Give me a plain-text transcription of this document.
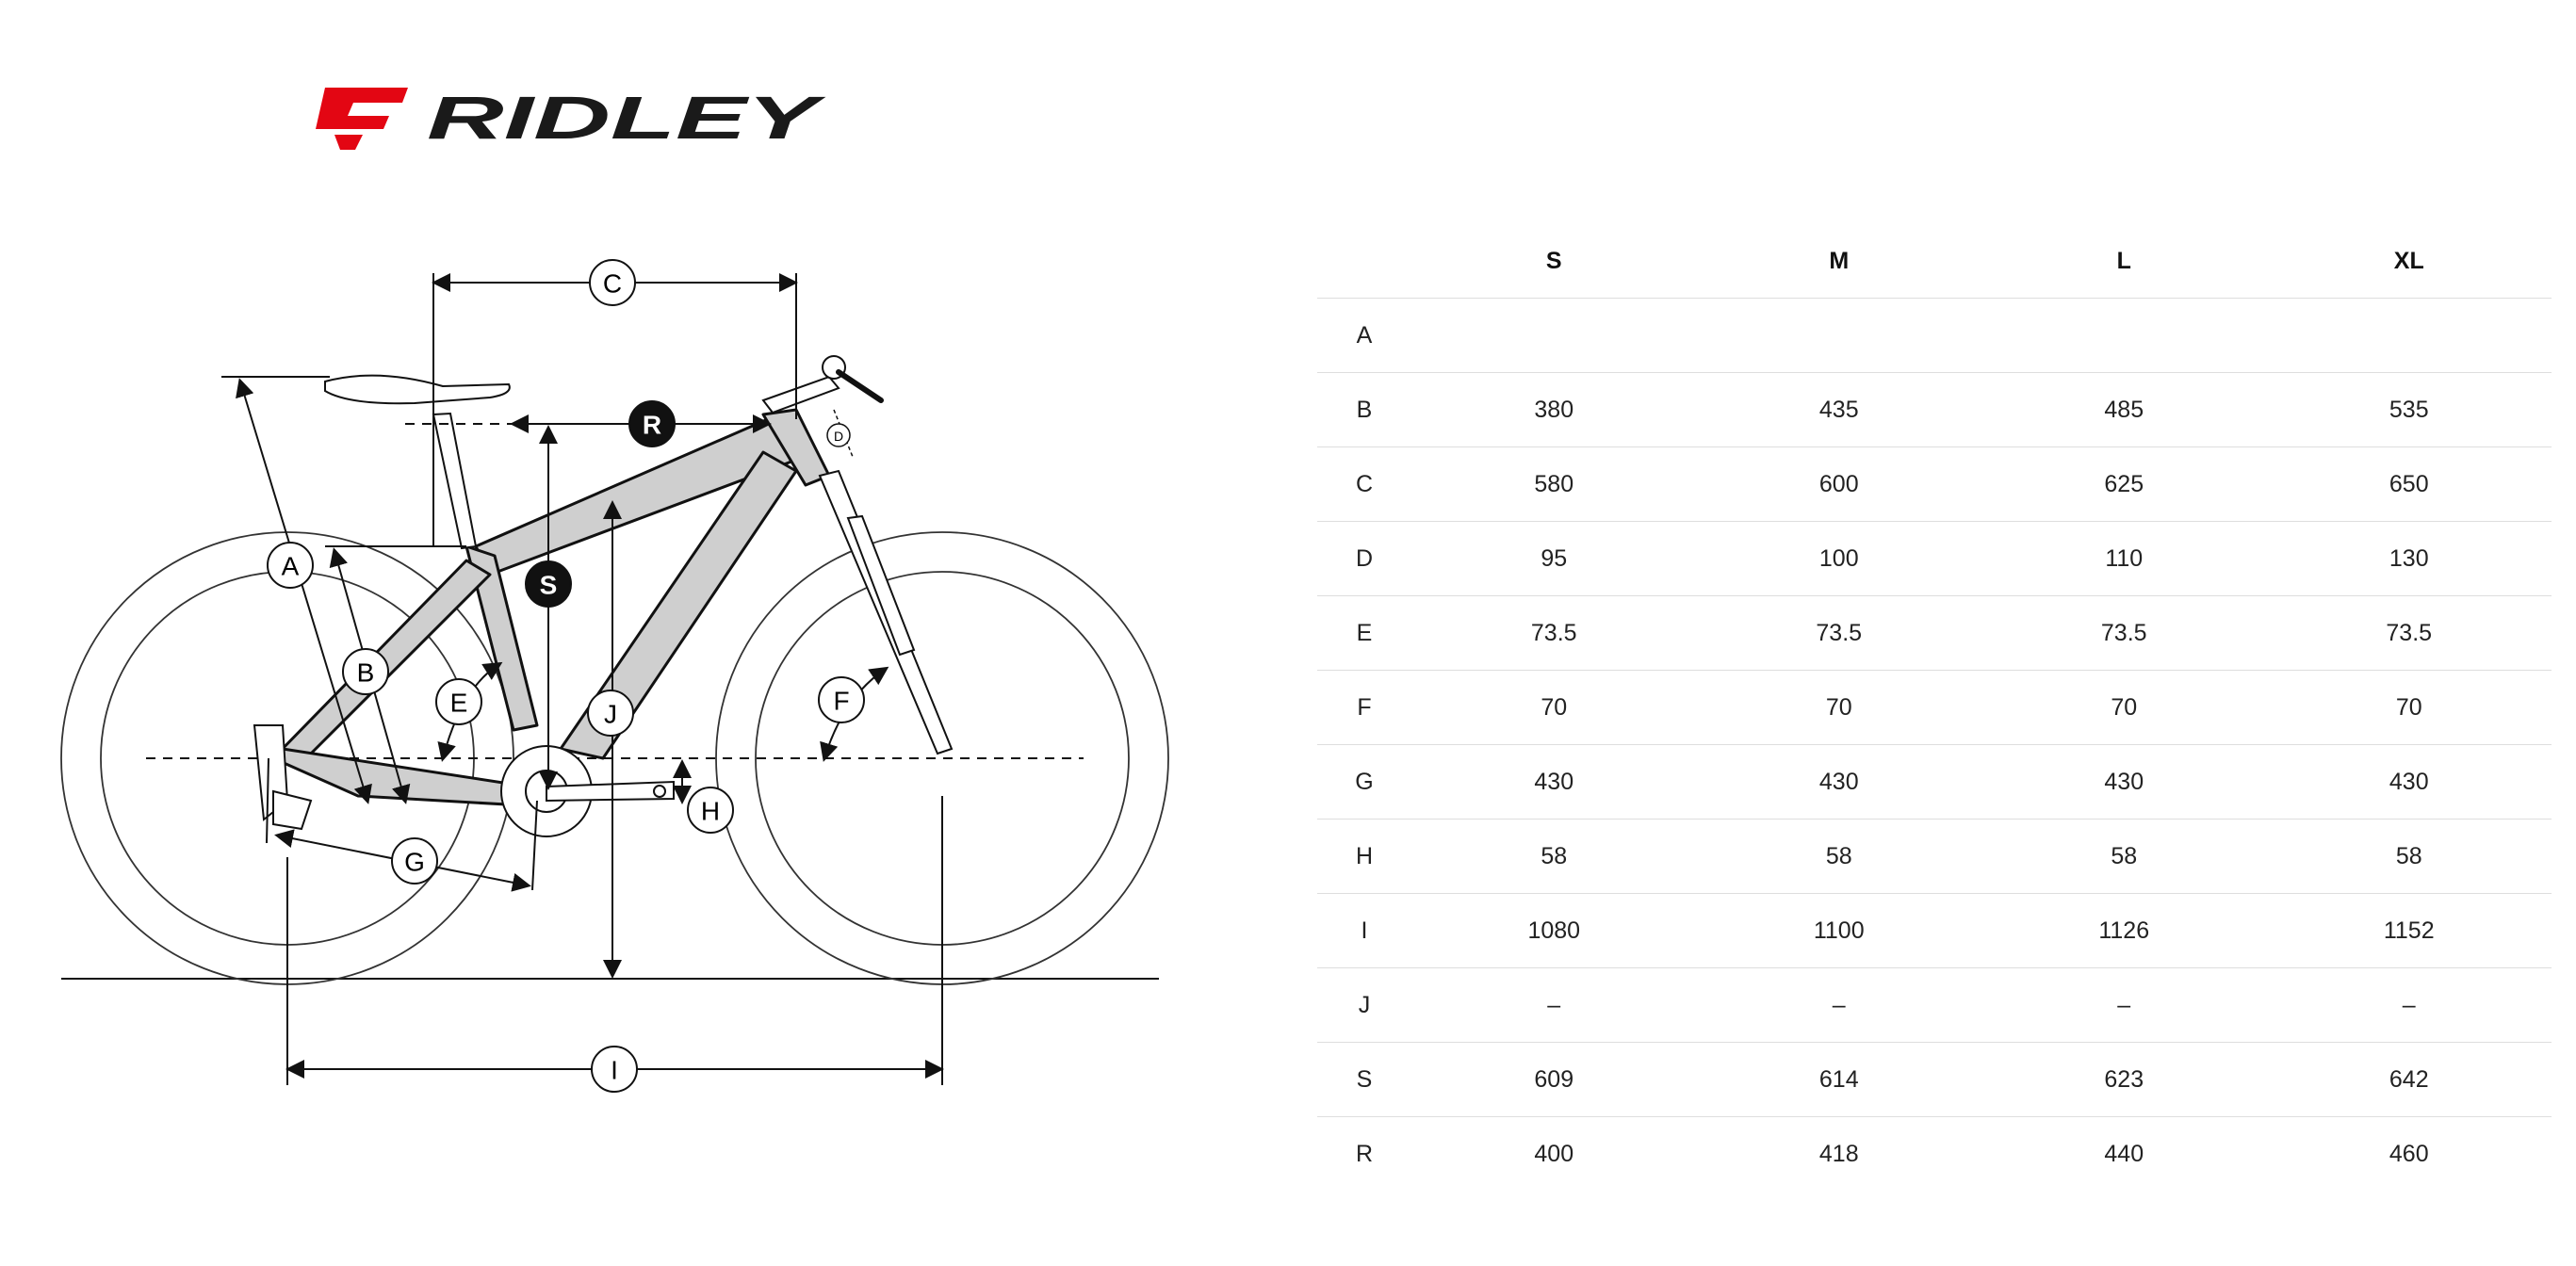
RIDLEY
C
R
S
A
B
E	J	F
G
H
I
D
	S	M	L	XL
A				
B	380	435	485	535
C	580	600	625	650
D	95	100	110	130
E	73.5	73.5	73.5	73.5
F	70	70	70	70
G	430	430	430	430
H	58	58	58	58
I	1080	1100	1126	1152
J	–	–	–	–
S	609	614	623	642
R	400	418	440	460
